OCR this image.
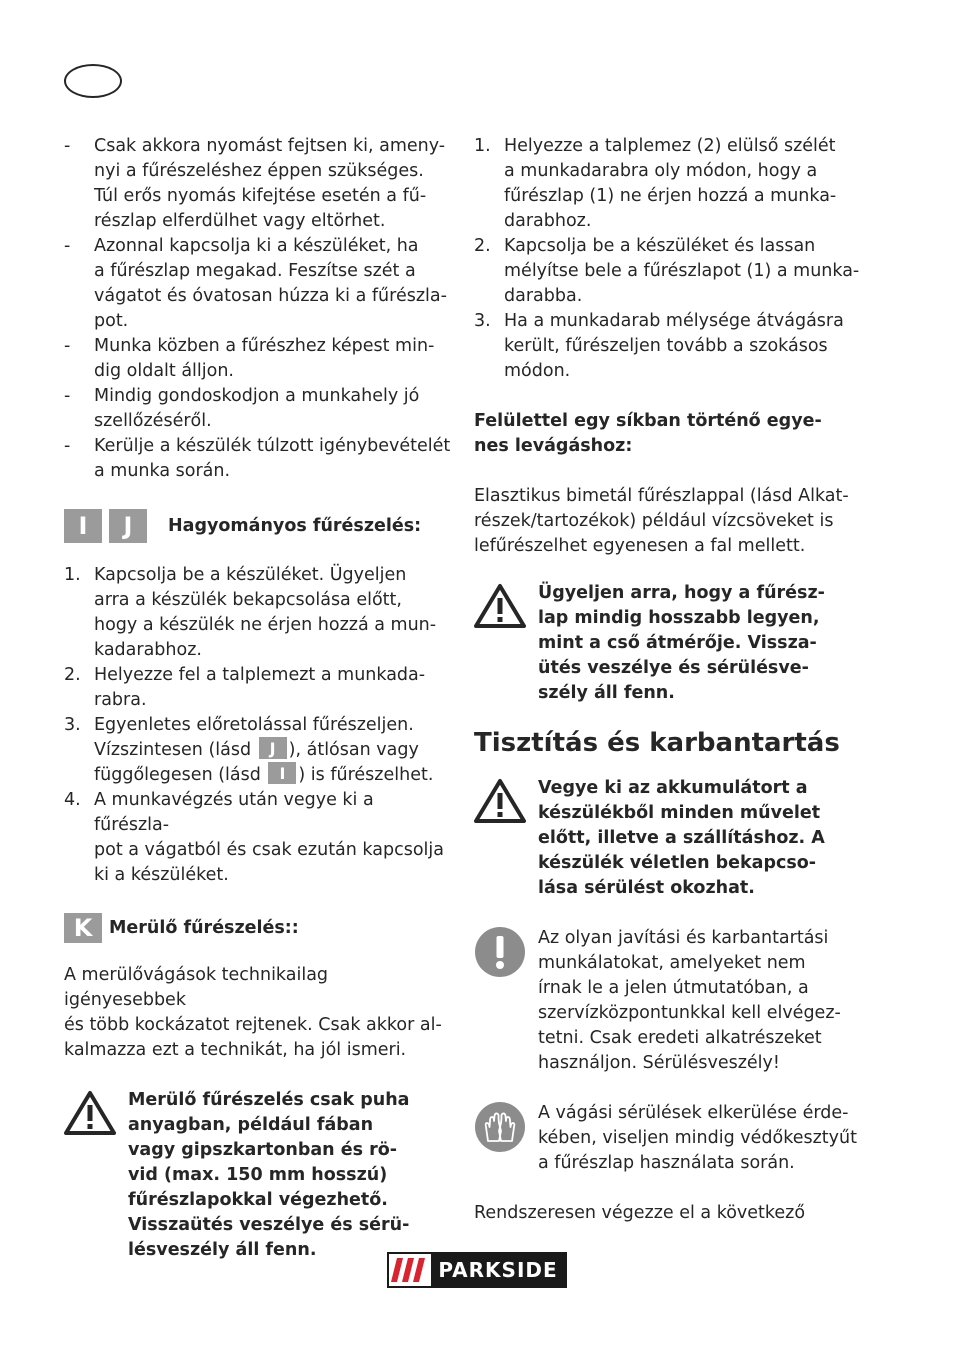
- Csak akkora nyomást fejtsen ki, ameny-
nyi a fűrészeléshez éppen szükséges.
Túl erős nyomás kifejtése esetén a fű-
részlap elferdülhet vagy eltörhet.
- Azonnal kapcsolja ki a készüléket, ha
a fűrészlap megakad. Feszítse szét a
vágatot és óvatosan húzza ki a fűrészla-
pot.
- Munka közben a fűrészhez képest min-
dig oldalt álljon.
- Mindig gondoskodjon a munkahely jó
szellőzéséről.
- Kerülje a készülék túlzott igénybevételét
a munka során.
I	J	Hagyományos fűrészelés:
1. Kapcsolja be a készüléket. Ügyeljen
arra a készülék bekapcsolása előtt,
hogy a készülék ne érjen hozzá a mun-
kadarabhoz.
2. Helyezze fel a talplemezt a munkada-
rabra.
3. Egyenletes előretolással fűrészeljen.
Vízszintesen (lásd J ), átlósan vagy
függőlegesen (lásd I ) is fűrészelhet.
4. A munkavégzés után vegye ki a fűrészla-
pot a vágatból és csak ezután kapcsolja
ki a készüléket.
K Merülő fűrészelés::
A merülővágások technikailag igényesebbek
és több kockázatot rejtenek. Csak akkor al-
kalmazza ezt a technikát, ha jól ismeri.
Merülő fűrészelés csak puha
anyagban, például fában
vagy gipszkartonban és rö-
vid (max. 150 mm hosszú)
fűrészlapokkal végezhető.
Visszaütés veszélye és sérü-
lésveszély áll fenn.
1. Helyezze a talplemez (2) elülső szélét
a munkadarabra oly módon, hogy a
fűrészlap (1) ne érjen hozzá a munka-
darabhoz.
2. Kapcsolja be a készüléket és lassan
mélyítse bele a fűrészlapot (1) a munka-
darabba.
3. Ha a munkadarab mélysége átvágásra
került, fűrészeljen tovább a szokásos
módon.
Felülettel egy síkban történő egye-
nes levágáshoz:
Elasztikus bimetál fűrészlappal (lásd Alkat-
részek/tartozékok) például vízcsöveket is
lefűrészelhet egyenesen a fal mellett.
Ügyeljen arra, hogy a fűrész-
lap mindig hosszabb legyen,
mint a cső átmérője. Vissza-
ütés veszélye és sérülésve-
szély áll fenn.

Tisztítás és karbantartás

Vegye ki az akkumulátort a
készülékből minden művelet
előtt, illetve a szállításhoz. A
készülék véletlen bekapcso-
lása sérülést okozhat.
Az olyan javítási és karbantartási
munkálatokat, amelyeket nem
írnak le a jelen útmutatóban, a
szervízközpontunkkal kell elvégez-
tetni. Csak eredeti alkatrészeket
használjon. Sérülésveszély!
A vágási sérülések elkerülése érde-
kében, viseljen mindig védőkesztyűt
a fűrészlap használata során.

Rendszeresen végezze el a következő

PARKSIDE
